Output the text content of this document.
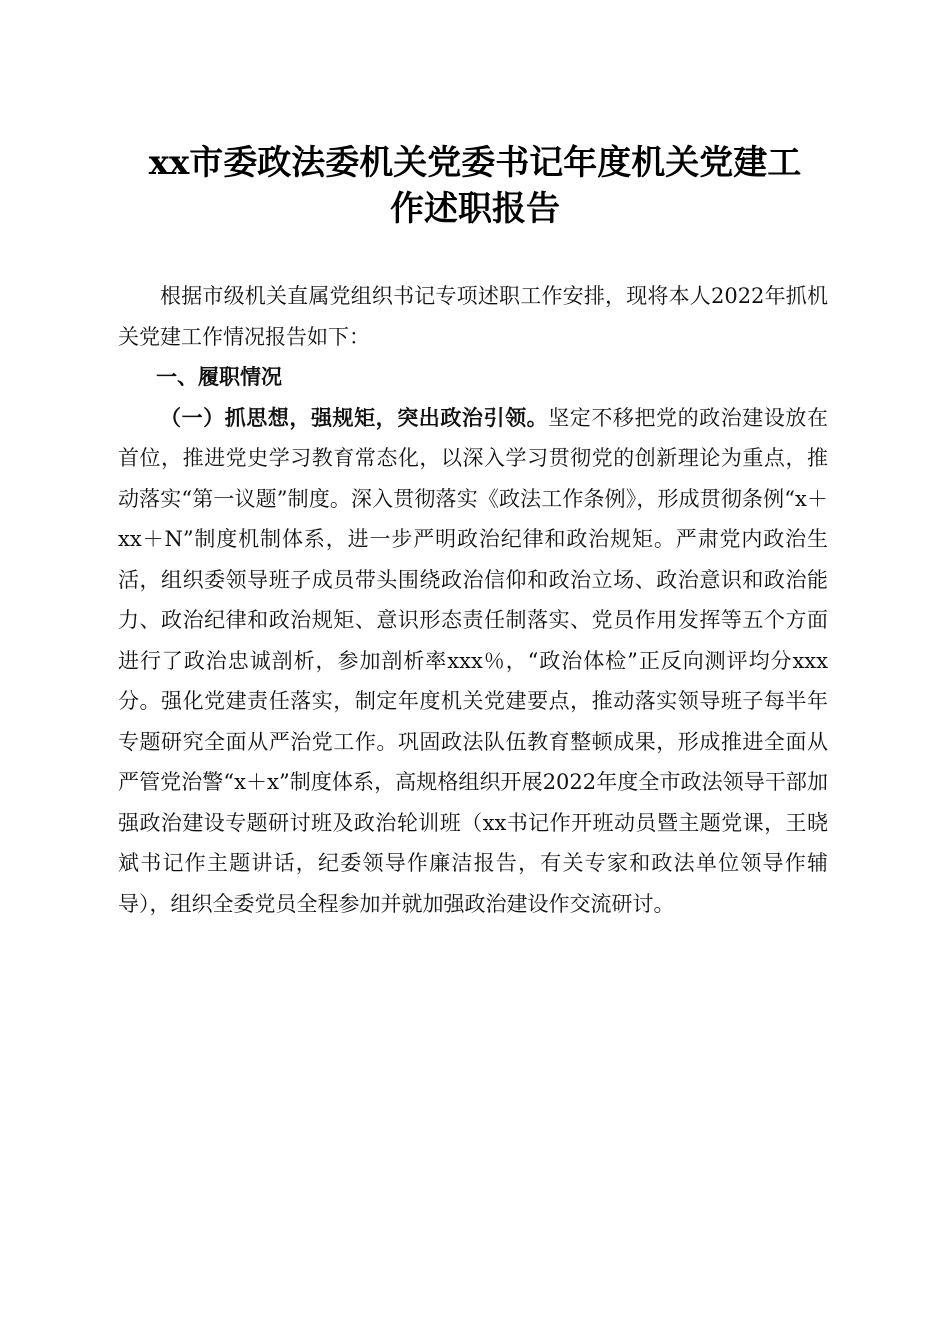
xx市委政法委机关党委书记年度机关党建工
作述职报告

根据市级机关直属党组织书记专项述职工作安排，现将本人2022年抓机关党建工作情况报告如下：

一、履职情况

（一）抓思想，强规矩，突出政治引领。坚定不移把党的政治建设放在首位，推进党史学习教育常态化，以深入学习贯彻党的创新理论为重点，推动落实“第一议题”制度。深入贯彻落实《政法工作条例》，形成贯彻条例“x＋xx＋N”制度机制体系，进一步严明政治纪律和政治规矩。严肃党内政治生活，组织委领导班子成员带头围绕政治信仰和政治立场、政治意识和政治能力、政治纪律和政治规矩、意识形态责任制落实、党员作用发挥等五个方面进行了政治忠诚剖析，参加剖析率xxx％，“政治体检”正反向测评均分xxx分。强化党建责任落实，制定年度机关党建要点，推动落实领导班子每半年专题研究全面从严治党工作。巩固政法队伍教育整顿成果，形成推进全面从严管党治警“x＋x”制度体系，高规格组织开展2022年度全市政法领导干部加强政治建设专题研讨班及政治轮训班（xx书记作开班动员暨主题党课，王晓斌书记作主题讲话，纪委领导作廉洁报告，有关专家和政法单位领导作辅导），组织全委党员全程参加并就加强政治建设作交流研讨。
